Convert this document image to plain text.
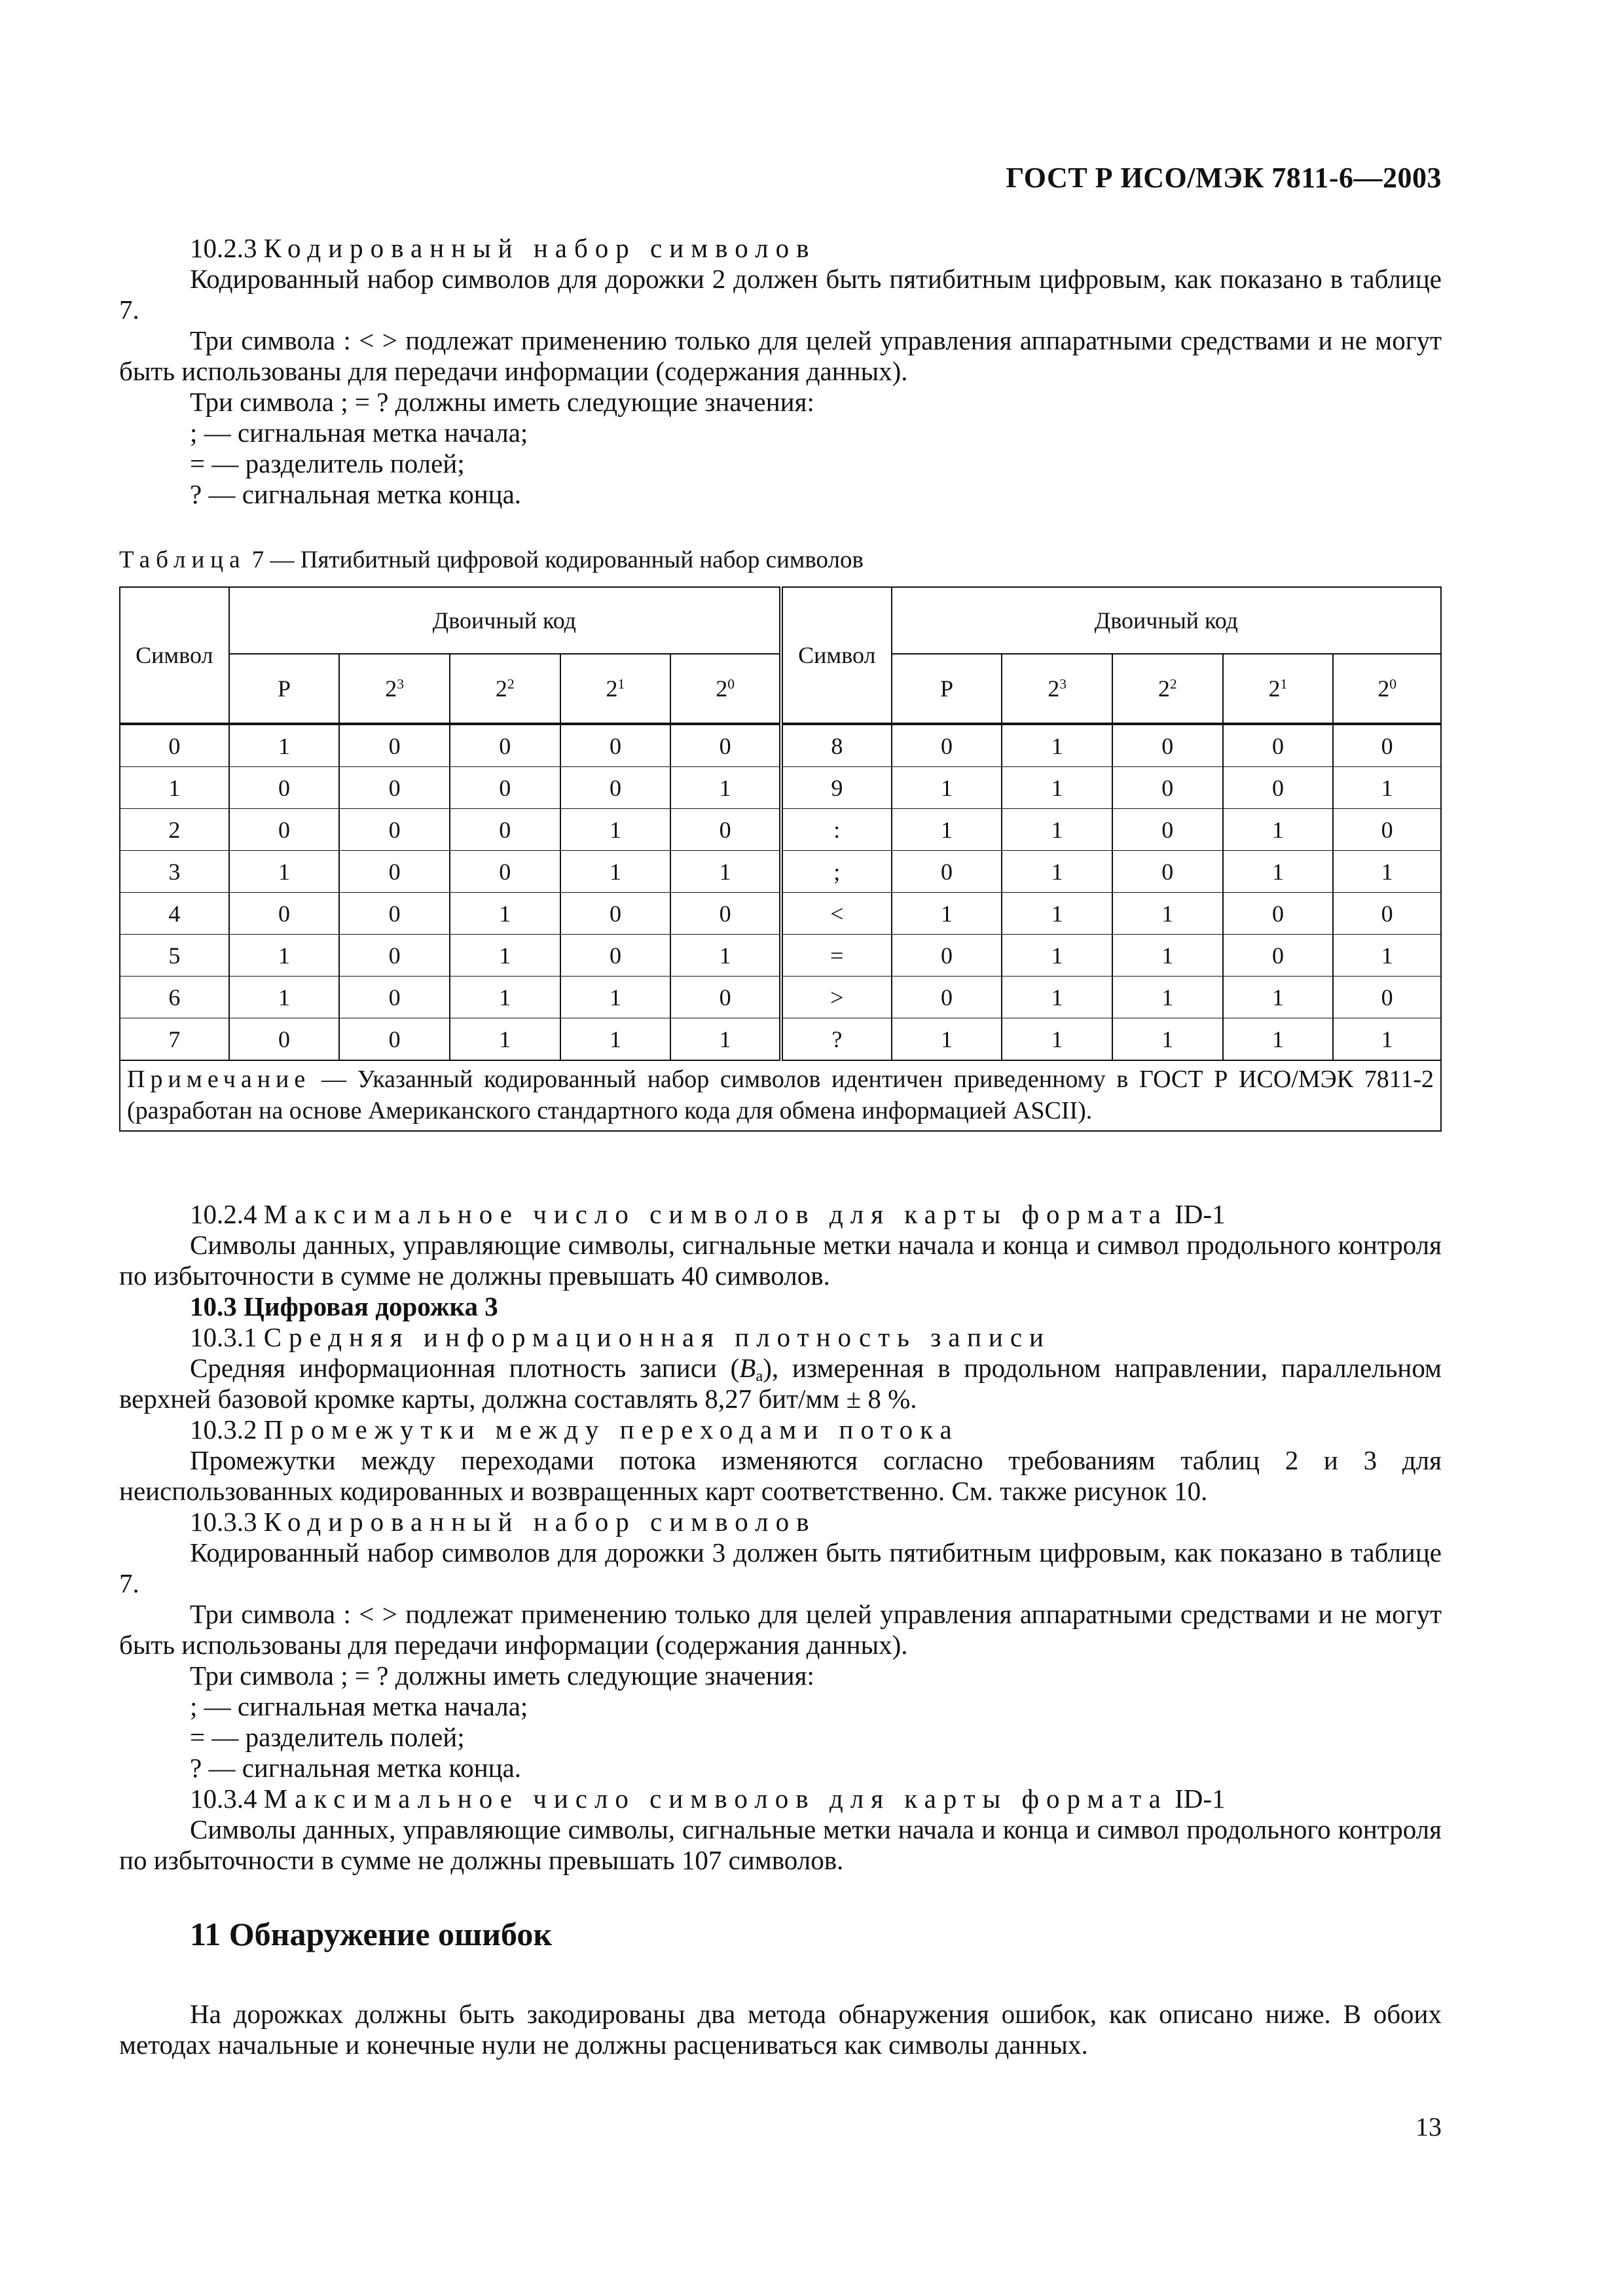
ГОСТ Р ИСО/МЭК 7811-6—2003
10.2.3 Кодированный набор символов
Кодированный набор символов для дорожки 2 должен быть пятибитным цифровым, как показано в таблице 7.
Три символа : < > подлежат применению только для целей управления аппаратными средствами и не могут быть использованы для передачи информации (содержания данных).
Три символа ; = ? должны иметь следующие значения:
; — сигнальная метка начала;
= — разделитель полей;
? — сигнальная метка конца.
Таблица 7 — Пятибитный цифровой кодированный набор символов
Символ	Двоичный код					Символ	Двоичный код				
	P	$2^3$	$2^2$	$2^1$	$2^0$		P	$2^3$	$2^2$	$2^1$	$2^0$
0	1	0	0	0	0	8	0	1	0	0	0
1	0	0	0	0	1	9	1	1	0	0	1
2	0	0	0	1	0	:	1	1	0	1	0
3	1	0	0	1	1	;	0	1	0	1	1
4	0	0	1	0	0	<	1	1	1	0	0
5	1	0	1	0	1	=	0	1	1	0	1
6	1	0	1	1	0	>	0	1	1	1	0
7	0	0	1	1	1	?	1	1	1	1	1
Примечание — Указанный кодированный набор символов идентичен приведенному в ГОСТ Р ИСО/МЭК 7811-2 (разработан на основе Американского стандартного кода для обмена информацией ASCII).											
10.2.4 Максимальное число символов для карты формата ID-1
Символы данных, управляющие символы, сигнальные метки начала и конца и символ продольного контроля по избыточности в сумме не должны превышать 40 символов.
10.3 Цифровая дорожка 3
10.3.1 Средняя информационная плотность записи
Средняя информационная плотность записи $(B_a)$, измеренная в продольном направлении, параллельном верхней базовой кромке карты, должна составлять 8,27 бит/мм ± 8 %.
10.3.2 Промежутки между переходами потока
Промежутки между переходами потока изменяются согласно требованиям таблиц 2 и 3 для неиспользованных кодированных и возвращенных карт соответственно. См. также рисунок 10.
10.3.3 Кодированный набор символов
Кодированный набор символов для дорожки 3 должен быть пятибитным цифровым, как показано в таблице 7.
Три символа : < > подлежат применению только для целей управления аппаратными средствами и не могут быть использованы для передачи информации (содержания данных).
Три символа ; = ? должны иметь следующие значения:
; — сигнальная метка начала;
= — разделитель полей;
? — сигнальная метка конца.
10.3.4 Максимальное число символов для карты формата ID-1
Символы данных, управляющие символы, сигнальные метки начала и конца и символ продольного контроля по избыточности в сумме не должны превышать 107 символов.
11 Обнаружение ошибок
На дорожках должны быть закодированы два метода обнаружения ошибок, как описано ниже. В обоих методах начальные и конечные нули не должны расцениваться как символы данных.
13
